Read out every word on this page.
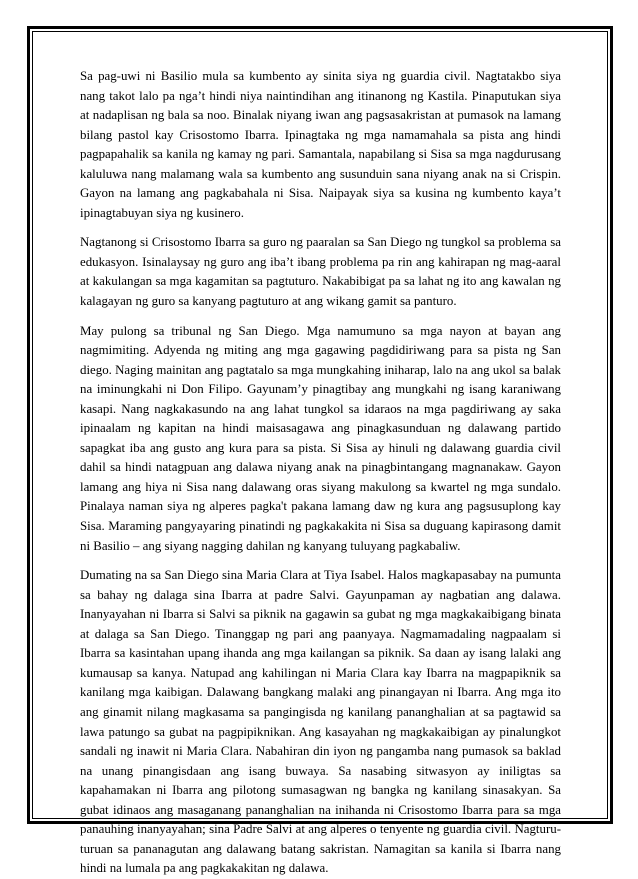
Sa pag-uwi ni Basilio mula sa kumbento ay sinita siya ng guardia civil. Nagtatakbo siya nang takot lalo pa nga’t hindi niya naintindihan ang itinanong ng Kastila. Pinaputukan siya at nadaplisan ng bala sa noo. Binalak niyang iwan ang pagsasakristan at pumasok na lamang bilang pastol kay Crisostomo Ibarra. Ipinagtaka ng mga namamahala sa pista ang hindi pagpapahalik sa kanila ng kamay ng pari. Samantala, napabilang si Sisa sa mga nagdurusang kaluluwa nang malamang wala sa kumbento ang susunduin sana niyang anak na si Crispin. Gayon na lamang ang pagkabahala ni Sisa. Naipayak siya sa kusina ng kumbento kaya’t ipinagtabuyan siya ng kusinero.

Nagtanong si Crisostomo Ibarra sa guro ng paaralan sa San Diego ng tungkol sa problema sa edukasyon. Isinalaysay ng guro ang iba’t ibang problema pa rin ang kahirapan ng mag-aaral at kakulangan sa mga kagamitan sa pagtuturo. Nakabibigat pa sa lahat ng ito ang kawalan ng kalagayan ng guro sa kanyang pagtuturo at ang wikang gamit sa panturo.

May pulong sa tribunal ng San Diego. Mga namumuno sa mga nayon at bayan ang nagmimiting. Adyenda ng miting ang mga gagawing pagdidiriwang para sa pista ng San diego. Naging mainitan ang pagtatalo sa mga mungkahing iniharap, lalo na ang ukol sa balak na iminungkahi ni Don Filipo. Gayunam’y pinagtibay ang mungkahi ng isang karaniwang kasapi. Nang nagkakasundo na ang lahat tungkol sa idaraos na mga pagdiriwang ay saka ipinaalam ng kapitan na hindi maisasagawa ang pinagkasunduan ng dalawang partido sapagkat iba ang gusto ang kura para sa pista. Si Sisa ay hinuli ng dalawang guardia civil dahil sa hindi natagpuan ang dalawa niyang anak na pinagbintangang magnanakaw. Gayon lamang ang hiya ni Sisa nang dalawang oras siyang makulong sa kwartel ng mga sundalo. Pinalaya naman siya ng alperes pagka't pakana lamang daw ng kura ang pagsusuplong kay Sisa. Maraming pangyayaring pinatindi ng pagkakakita ni Sisa sa duguang kapirasong damit ni Basilio – ang siyang nagging dahilan ng kanyang tuluyang pagkabaliw.

Dumating na sa San Diego sina Maria Clara at Tiya Isabel. Halos magkapasabay na pumunta sa bahay ng dalaga sina Ibarra at padre Salvi. Gayunpaman ay nagbatian ang dalawa. Inanyayahan ni Ibarra si Salvi sa piknik na gagawin sa gubat ng mga magkakaibigang binata at dalaga sa San Diego. Tinanggap ng pari ang paanyaya. Nagmamadaling nagpaalam si Ibarra sa kasintahan upang ihanda ang mga kailangan sa piknik. Sa daan ay isang lalaki ang kumausap sa kanya. Natupad ang kahilingan ni Maria Clara kay Ibarra na magpapiknik sa kanilang mga kaibigan. Dalawang bangkang malaki ang pinangayan ni Ibarra. Ang mga ito ang ginamit nilang magkasama sa pangingisda ng kanilang pananghalian at sa pagtawid sa lawa patungo sa gubat na pagpipiknikan. Ang kasayahan ng magkakaibigan ay pinalungkot sandali ng inawit ni Maria Clara. Nabahiran din iyon ng pangamba nang pumasok sa baklad na unang pinangisdaan ang isang buwaya. Sa nasabing sitwasyon ay iniligtas sa kapahamakan ni Ibarra ang pilotong sumasagwan ng bangka ng kanilang sinasakyan. Sa gubat idinaos ang masaganang pananghalian na inihanda ni Crisostomo Ibarra para sa mga panauhing inanyayahan; sina Padre Salvi at ang alperes o tenyente ng guardia civil. Nagturu-turuan sa pananagutan ang dalawang batang sakristan. Namagitan sa kanila si Ibarra nang hindi na lumala pa ang pagkakakitan ng dalawa.
